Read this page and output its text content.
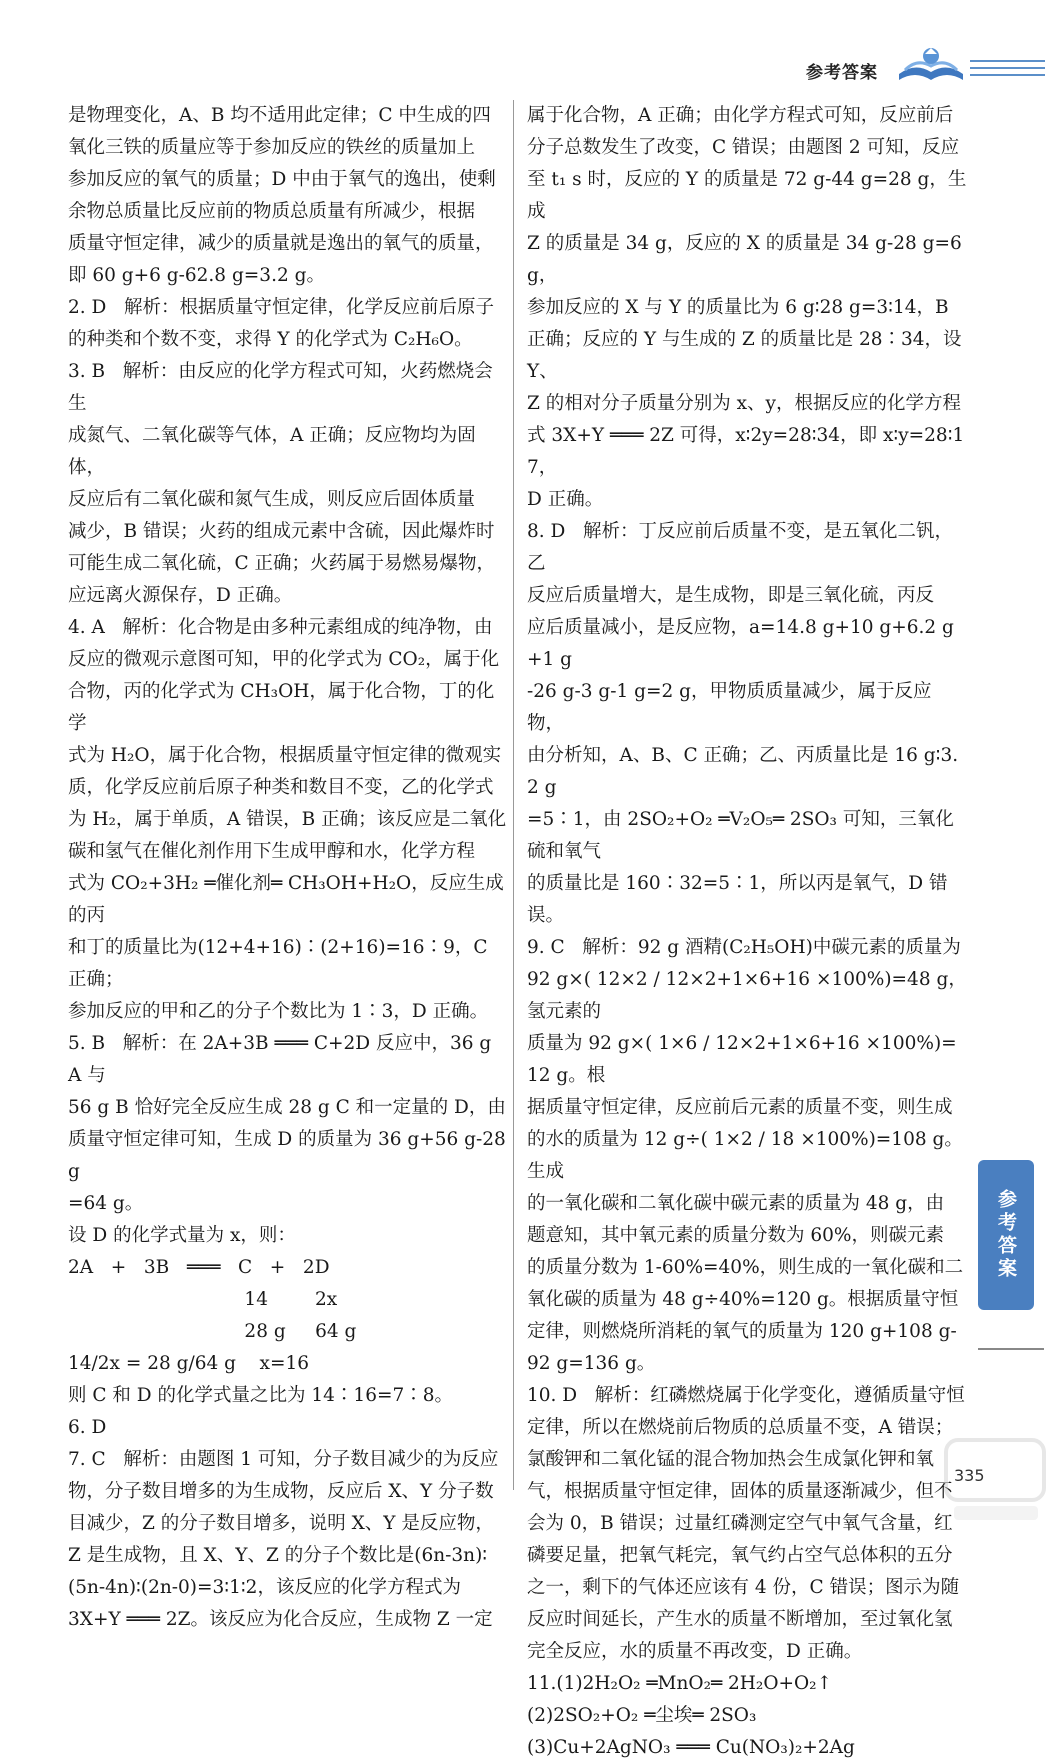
参考答案

是物理变化，A、B 均不适用此定律；C 中生成的四

氧化三铁的质量应等于参加反应的铁丝的质量加上

参加反应的氧气的质量；D 中由于氧气的逸出，使剩

余物总质量比反应前的物质总质量有所减少，根据

质量守恒定律，减少的质量就是逸出的氧气的质量，

即 60 g+6 g-62.8 g=3.2 g。

2. D   解析：根据质量守恒定律，化学反应前后原子

的种类和个数不变，求得 Y 的化学式为 C₂H₆O。

3. B   解析：由反应的化学方程式可知，火药燃烧会生

成氮气、二氧化碳等气体，A 正确；反应物均为固体，

反应后有二氧化碳和氮气生成，则反应后固体质量

减少，B 错误；火药的组成元素中含硫，因此爆炸时

可能生成二氧化硫，C 正确；火药属于易燃易爆物，

应远离火源保存，D 正确。

4. A   解析：化合物是由多种元素组成的纯净物，由

反应的微观示意图可知，甲的化学式为 CO₂，属于化

合物，丙的化学式为 CH₃OH，属于化合物，丁的化学

式为 H₂O，属于化合物，根据质量守恒定律的微观实

质，化学反应前后原子种类和数目不变，乙的化学式

为 H₂，属于单质，A 错误，B 正确；该反应是二氧化

碳和氢气在催化剂作用下生成甲醇和水，化学方程

式为 CO₂+3H₂ ═催化剂═ CH₃OH+H₂O，反应生成的丙

和丁的质量比为(12+4+16)∶(2+16)=16∶9，C 正确；

参加反应的甲和乙的分子个数比为 1∶3，D 正确。

5. B   解析：在 2A+3B ═══ C+2D 反应中，36 g A 与

56 g B 恰好完全反应生成 28 g C 和一定量的 D，由

质量守恒定律可知，生成 D 的质量为 36 g+56 g-28 g

=64 g。

设 D 的化学式量为 x，则：

2A   +   3B   ═══   C   +   2D

14        2x

28 g     64 g

14/2x = 28 g/64 g    x=16

则 C 和 D 的化学式量之比为 14∶16=7∶8。

6. D

7. C   解析：由题图 1 可知，分子数目减少的为反应

物，分子数目增多的为生成物，反应后 X、Y 分子数

目减少，Z 的分子数目增多，说明 X、Y 是反应物，

Z 是生成物，且 X、Y、Z 的分子个数比是(6n-3n)∶

(5n-4n)∶(2n-0)=3∶1∶2，该反应的化学方程式为

3X+Y ═══ 2Z。该反应为化合反应，生成物 Z 一定

属于化合物，A 正确；由化学方程式可知，反应前后

分子总数发生了改变，C 错误；由题图 2 可知，反应

至 t₁ s 时，反应的 Y 的质量是 72 g-44 g=28 g，生成

Z 的质量是 34 g，反应的 X 的质量是 34 g-28 g=6 g，

参加反应的 X 与 Y 的质量比为 6 g∶28 g=3∶14，B

正确；反应的 Y 与生成的 Z 的质量比是 28∶34，设 Y、

Z 的相对分子质量分别为 x、y，根据反应的化学方程

式 3X+Y ═══ 2Z 可得，x∶2y=28∶34，即 x∶y=28∶17，

D 正确。

8. D   解析：丁反应前后质量不变，是五氧化二钒，乙

反应后质量增大，是生成物，即是三氧化硫，丙反

应后质量减小，是反应物，a=14.8 g+10 g+6.2 g+1 g

-26 g-3 g-1 g=2 g，甲物质质量减少，属于反应物，

由分析知，A、B、C 正确；乙、丙质量比是 16 g∶3.2 g

=5∶1，由 2SO₂+O₂ ═V₂O₅═ 2SO₃ 可知，三氧化硫和氧气

的质量比是 160∶32=5∶1，所以丙是氧气，D 错误。

9. C   解析：92 g 酒精(C₂H₅OH)中碳元素的质量为

92 g×( 12×2 / 12×2+1×6+16 ×100%)=48 g，氢元素的

质量为 92 g×( 1×6 / 12×2+1×6+16 ×100%)=12 g。根

据质量守恒定律，反应前后元素的质量不变，则生成

的水的质量为 12 g÷( 1×2 / 18 ×100%)=108 g。生成

的一氧化碳和二氧化碳中碳元素的质量为 48 g，由

题意知，其中氧元素的质量分数为 60%，则碳元素

的质量分数为 1-60%=40%，则生成的一氧化碳和二

氧化碳的质量为 48 g÷40%=120 g。根据质量守恒

定律，则燃烧所消耗的氧气的质量为 120 g+108 g-

92 g=136 g。

10. D   解析：红磷燃烧属于化学变化，遵循质量守恒

定律，所以在燃烧前后物质的总质量不变，A 错误；

氯酸钾和二氧化锰的混合物加热会生成氯化钾和氧

气，根据质量守恒定律，固体的质量逐渐减少，但不

会为 0，B 错误；过量红磷测定空气中氧气含量，红

磷要足量，把氧气耗完，氧气约占空气总体积的五分

之一，剩下的气体还应该有 4 份，C 错误；图示为随

反应时间延长，产生水的质量不断增加，至过氧化氢

完全反应，水的质量不再改变，D 正确。

11.(1)2H₂O₂ ═MnO₂═ 2H₂O+O₂↑

(2)2SO₂+O₂ ═尘埃═ 2SO₃

(3)Cu+2AgNO₃ ═══ Cu(NO₃)₂+2Ag

参考答案
335
